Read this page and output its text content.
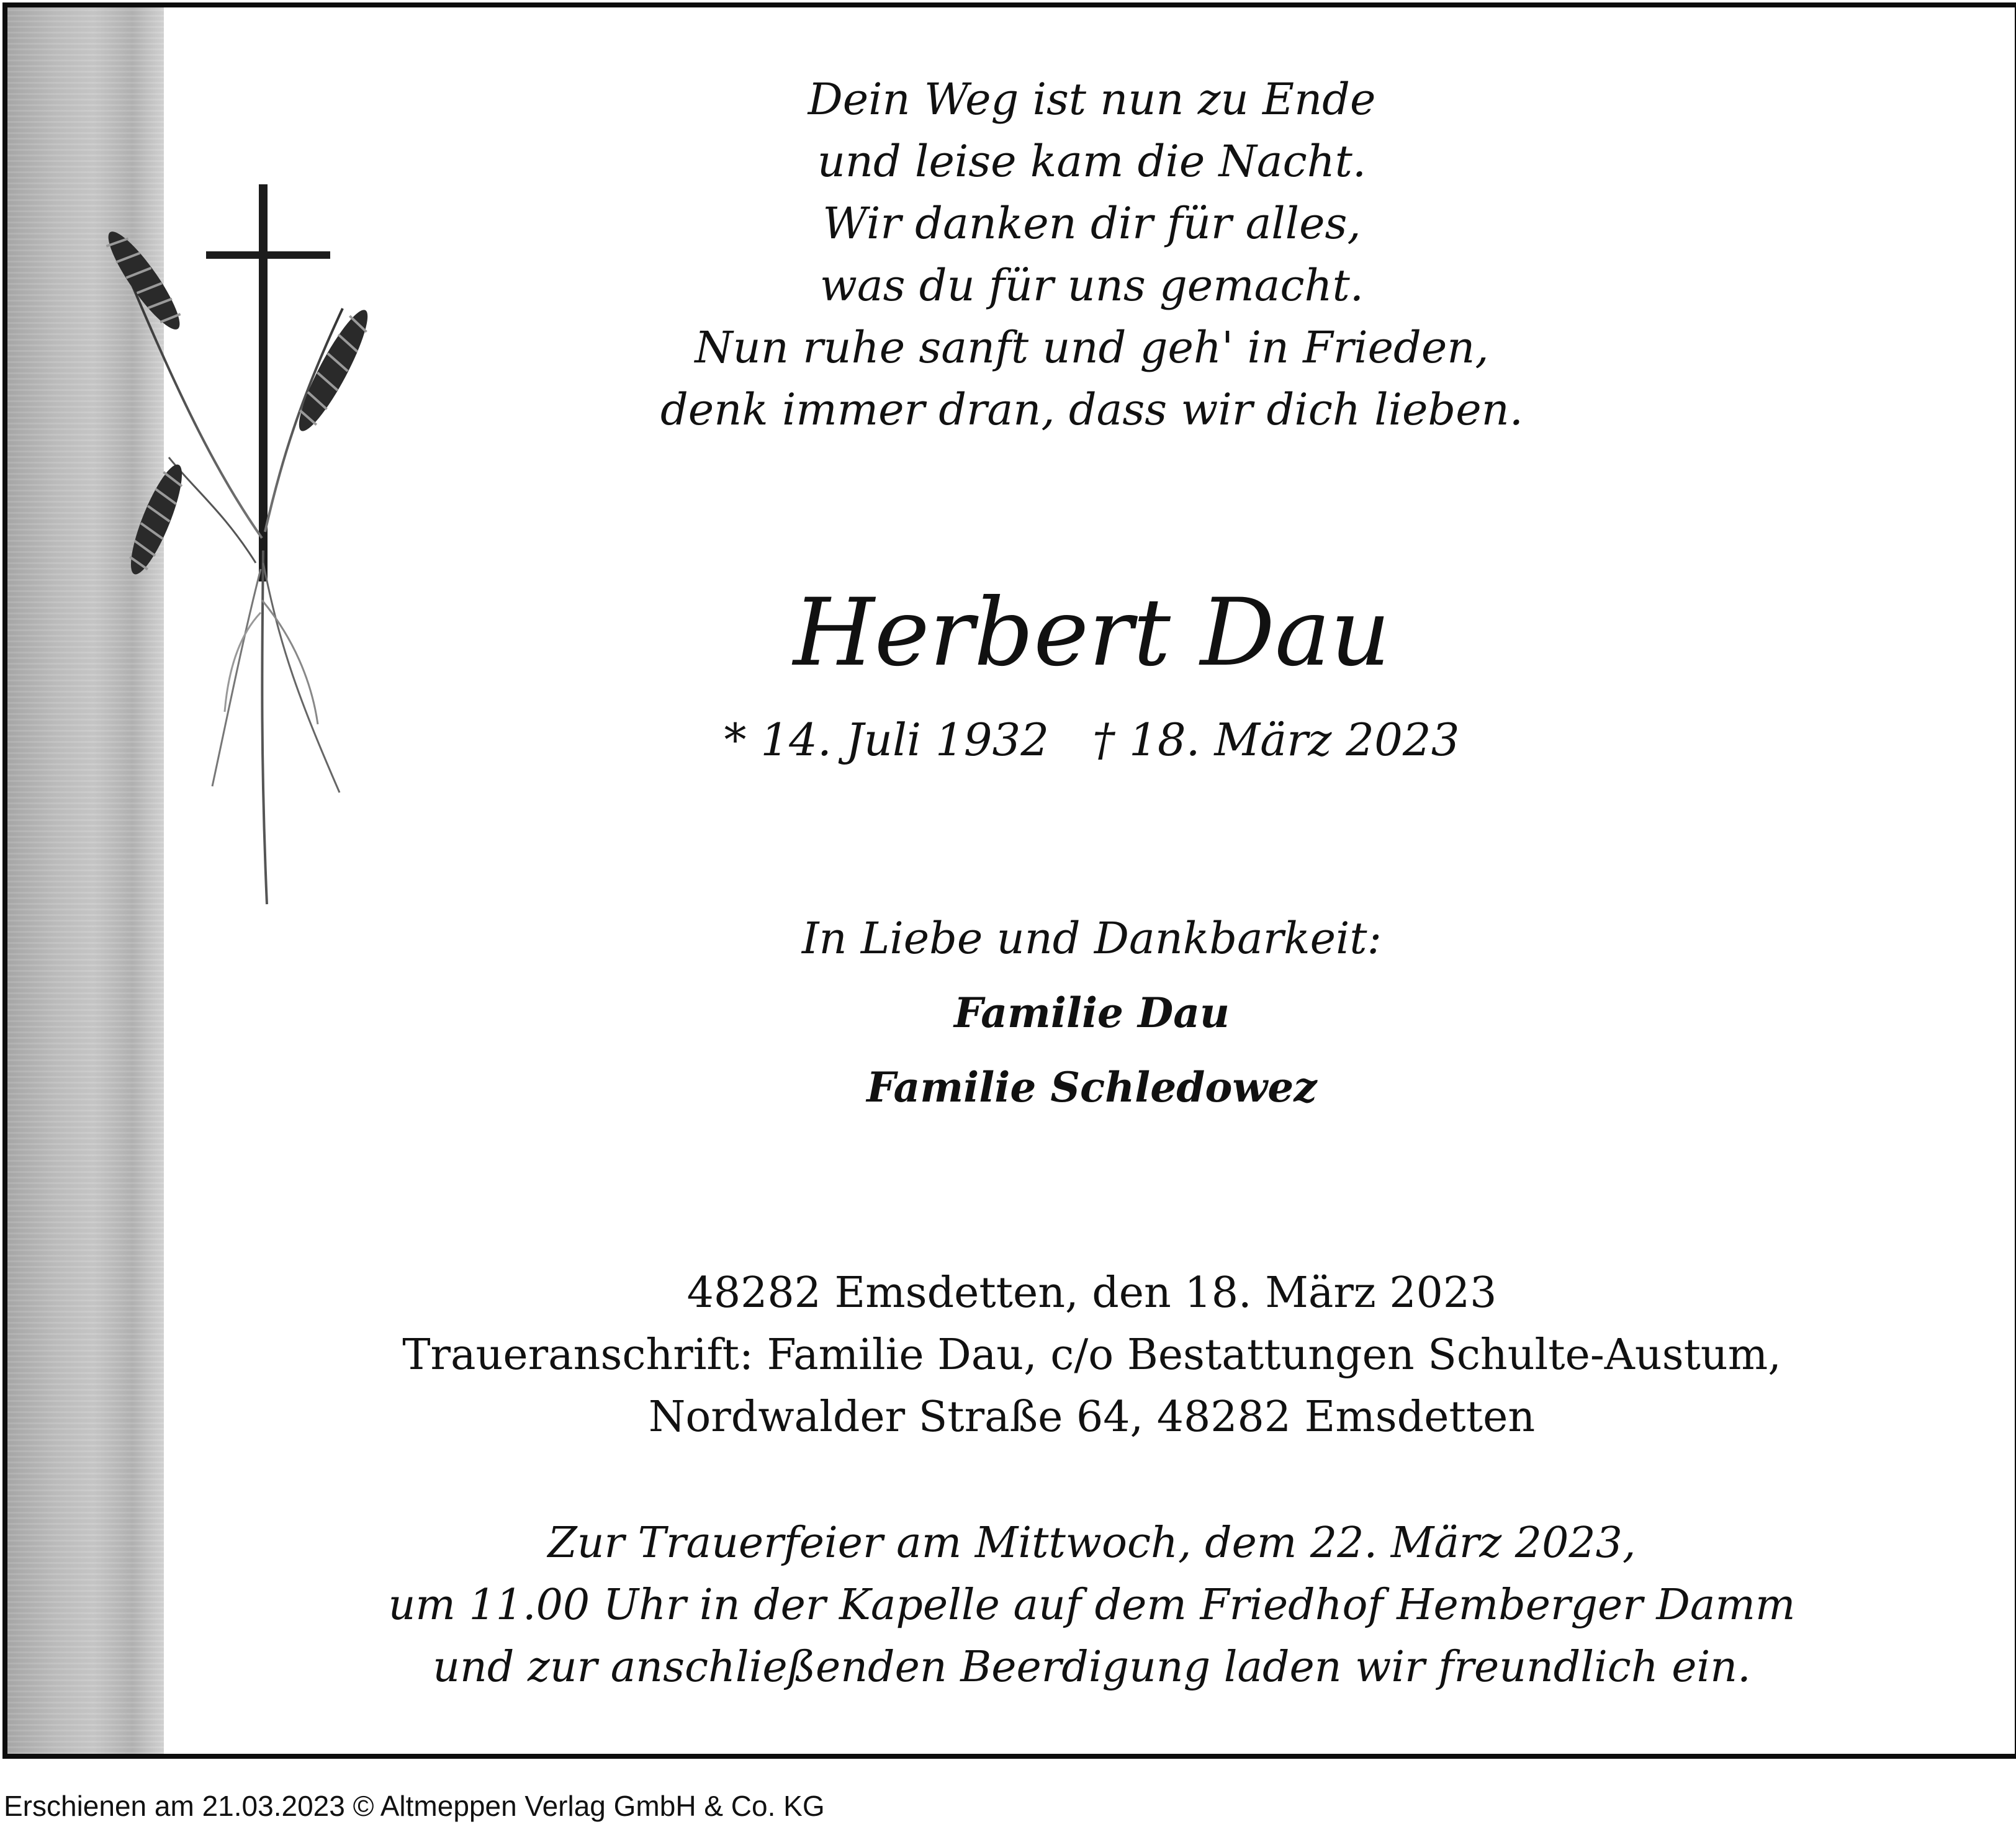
Dein Weg ist nun zu Ende
und leise kam die Nacht.
Wir danken dir für alles,
was du für uns gemacht.
Nun ruhe sanft und geh' in Frieden,
denk immer dran, dass wir dich lieben.
Herbert Dau
* 14. Juli 1932 † 18. März 2023
In Liebe und Dankbarkeit:
Familie Dau
Familie Schledowez
48282 Emsdetten, den 18. März 2023
Traueranschrift: Familie Dau, c/o Bestattungen Schulte-Austum,
Nordwalder Straße 64, 48282 Emsdetten
Zur Trauerfeier am Mittwoch, dem 22. März 2023,
um 11.00 Uhr in der Kapelle auf dem Friedhof Hemberger Damm
und zur anschließenden Beerdigung laden wir freundlich ein.
Erschienen am 21.03.2023 © Altmeppen Verlag GmbH & Co. KG
